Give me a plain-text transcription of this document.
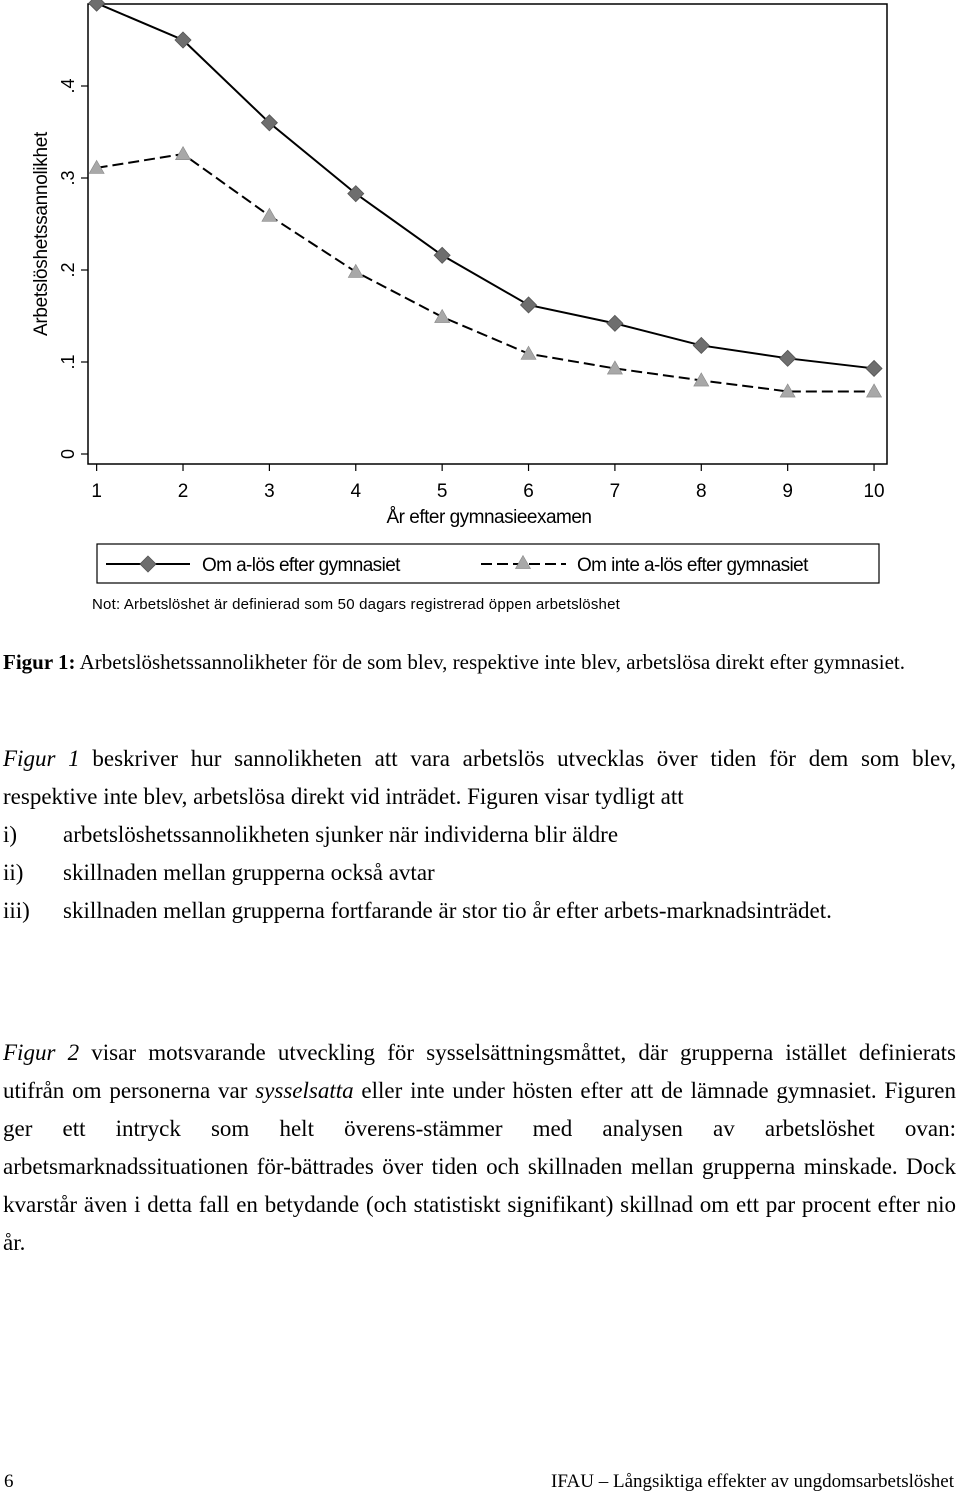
0
.1
.2
.3
.4
1	2	3	4	5	6	7	8	9	10
Arbetslöshetssannolikhet
År efter gymnasieexamen
Om a-lös efter gymnasiet	Om inte a-lös efter gymnasiet
Not: Arbetslöshet är definierad som 50 dagars registrerad öppen arbetslöshet
Figur 1: Arbetslöshetssannolikheter för de som blev, respektive inte blev, arbetslösa direkt efter gymnasiet.

Figur 1 beskriver hur sannolikheten att vara arbetslös utvecklas över tiden för dem som blev, respektive inte blev, arbetslösa direkt vid inträdet. Figuren visar tydligt att

i) arbetslöshetssannolikheten sjunker när individerna blir äldre
ii) skillnaden mellan grupperna också avtar
iii) skillnaden mellan grupperna fortfarande är stor tio år efter arbets-marknadsinträdet.

Figur 2 visar motsvarande utveckling för sysselsättningsmåttet, där grupperna istället definierats utifrån om personerna var sysselsatta eller inte under hösten efter att de lämnade gymnasiet. Figuren ger ett intryck som helt överens-stämmer med analysen av arbetslöshet ovan: arbetsmarknadssituationen för-bättrades över tiden och skillnaden mellan grupperna minskade. Dock kvarstår även i detta fall en betydande (och statistiskt signifikant) skillnad om ett par procent efter nio år.

6	IFAU – Långsiktiga effekter av ungdomsarbetslöshet
